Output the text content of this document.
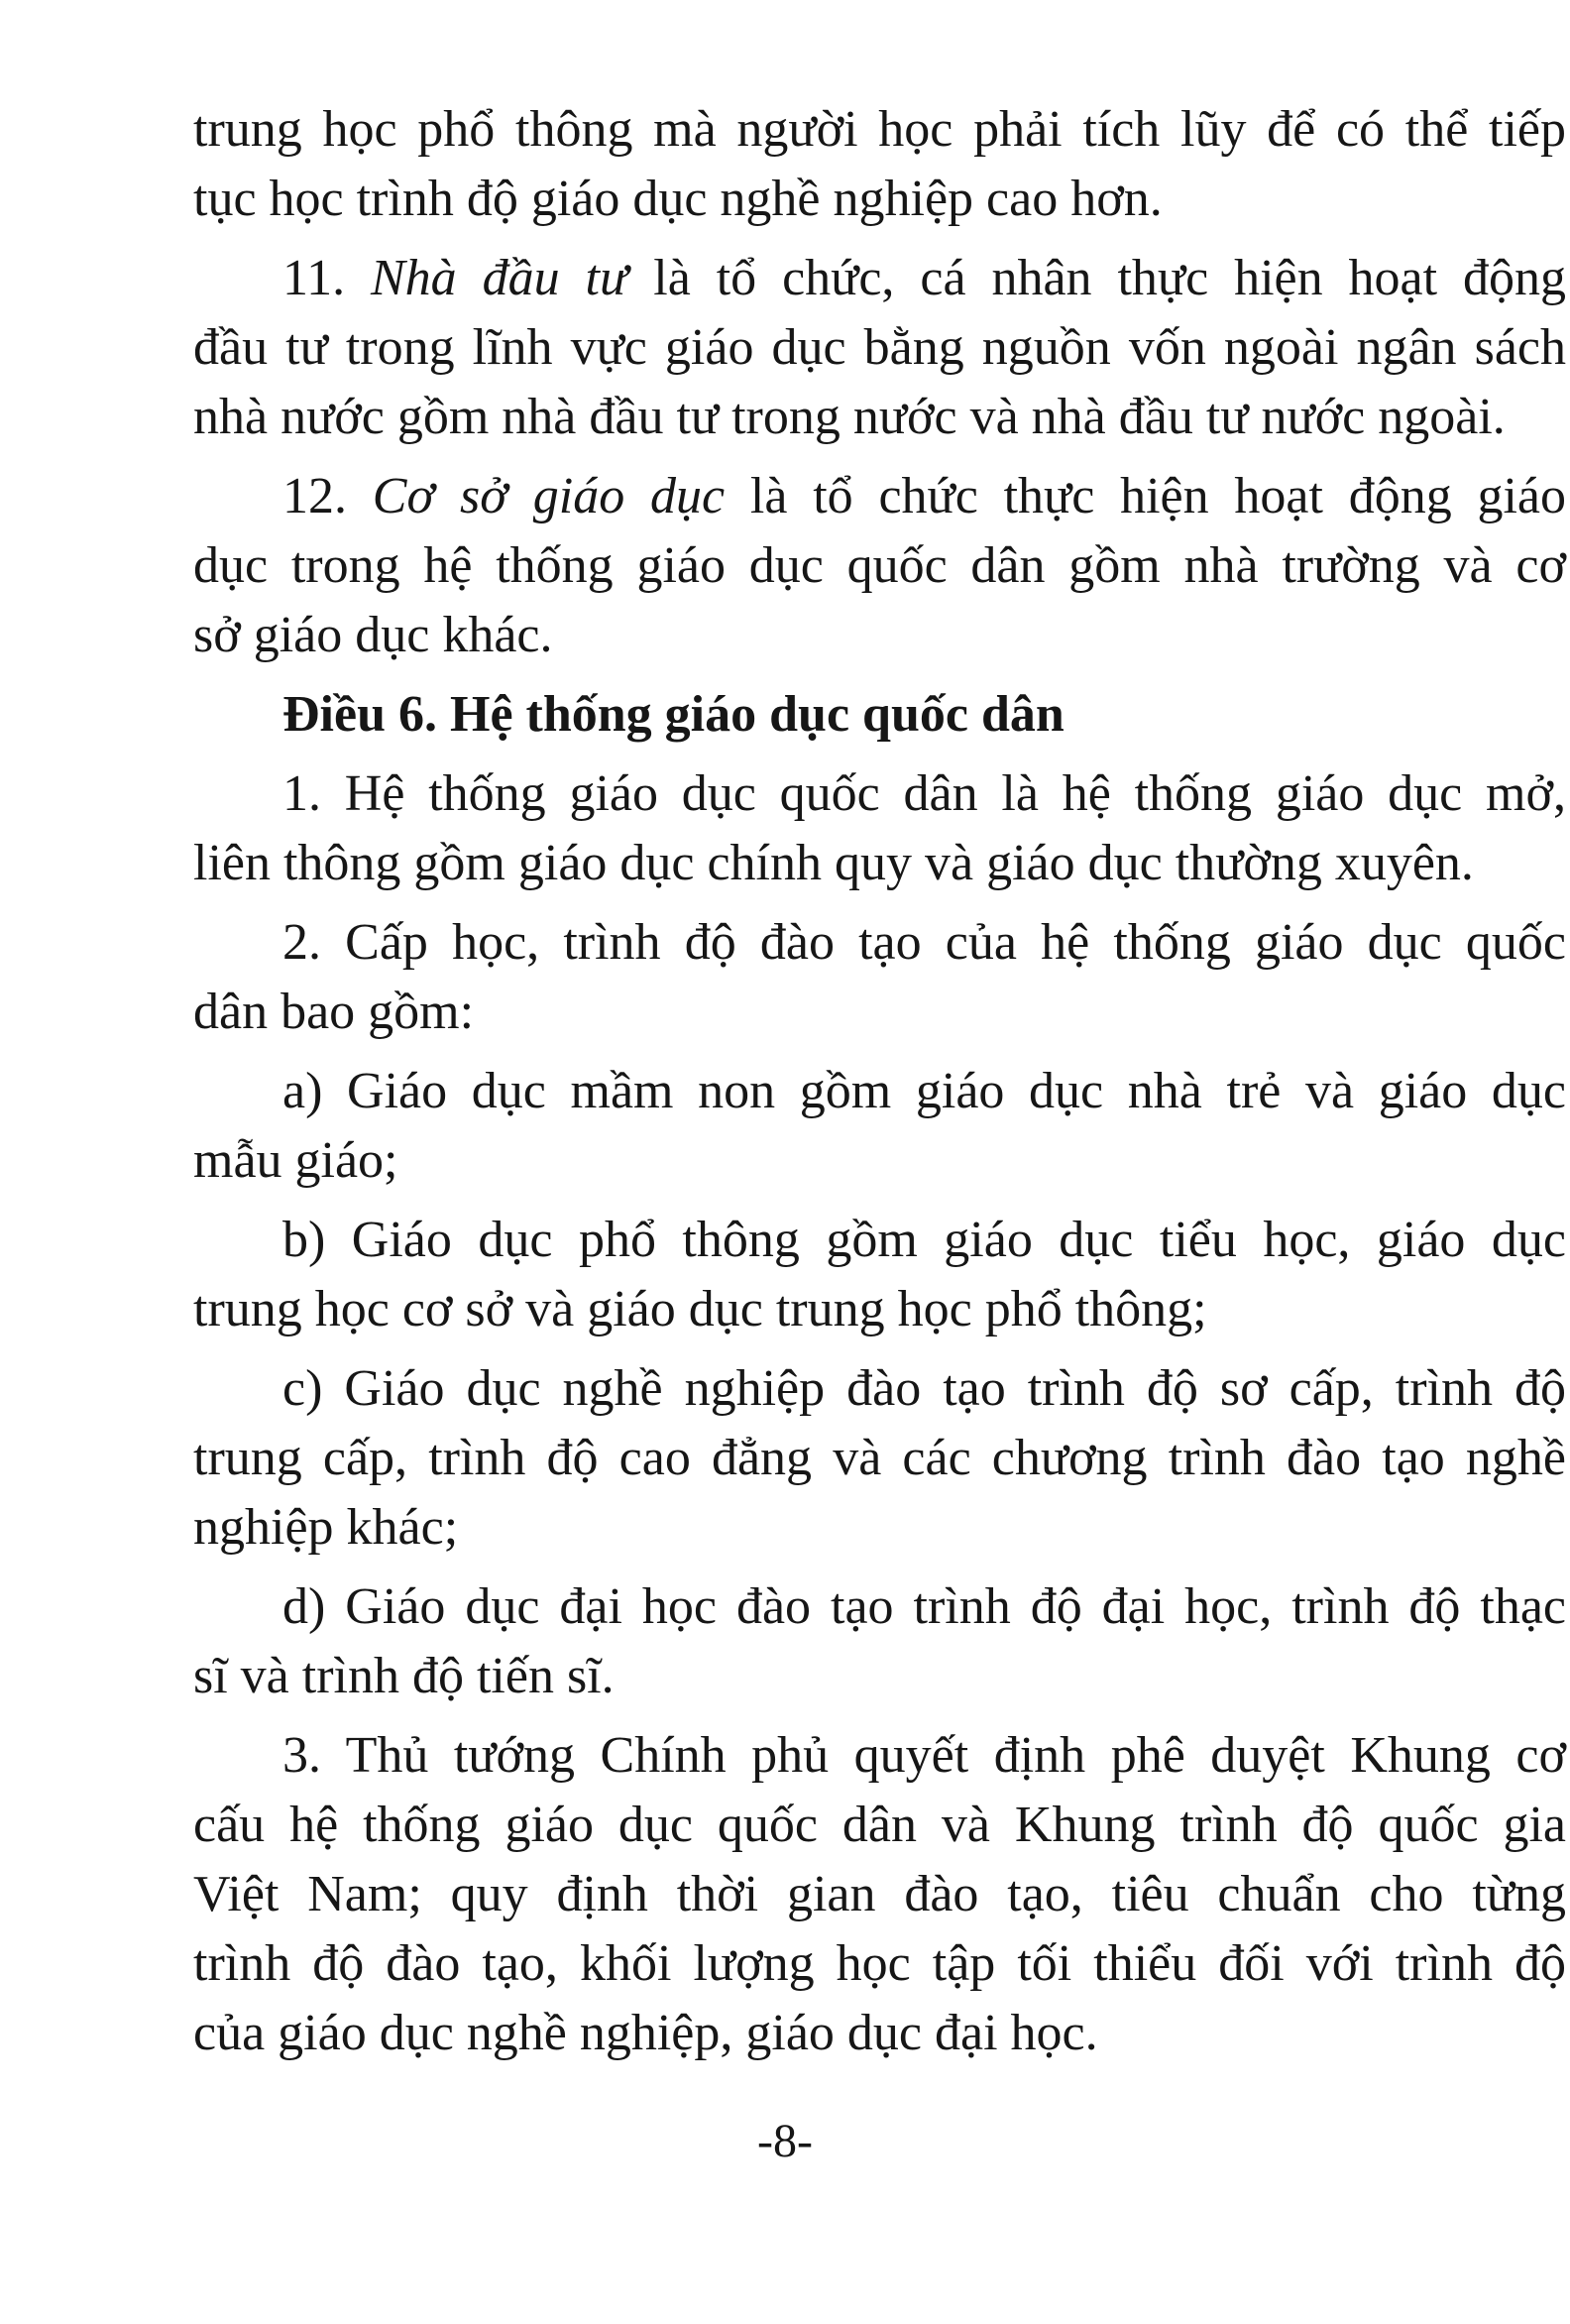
trung học phổ thông mà người học phải tích lũy để có thể tiếp
tục học trình độ giáo dục nghề nghiệp cao hơn.
11. Nhà đầu tư là tổ chức, cá nhân thực hiện hoạt động
đầu tư trong lĩnh vực giáo dục bằng nguồn vốn ngoài ngân sách
nhà nước gồm nhà đầu tư trong nước và nhà đầu tư nước ngoài.
12. Cơ sở giáo dục là tổ chức thực hiện hoạt động giáo
dục trong hệ thống giáo dục quốc dân gồm nhà trường và cơ
sở giáo dục khác.
Điều 6. Hệ thống giáo dục quốc dân
1. Hệ thống giáo dục quốc dân là hệ thống giáo dục mở,
liên thông gồm giáo dục chính quy và giáo dục thường xuyên.
2. Cấp học, trình độ đào tạo của hệ thống giáo dục quốc
dân bao gồm:
a) Giáo dục mầm non gồm giáo dục nhà trẻ và giáo dục
mẫu giáo;
b) Giáo dục phổ thông gồm giáo dục tiểu học, giáo dục
trung học cơ sở và giáo dục trung học phổ thông;
c) Giáo dục nghề nghiệp đào tạo trình độ sơ cấp, trình độ
trung cấp, trình độ cao đẳng và các chương trình đào tạo nghề
nghiệp khác;
d) Giáo dục đại học đào tạo trình độ đại học, trình độ thạc
sĩ và trình độ tiến sĩ.
3. Thủ tướng Chính phủ quyết định phê duyệt Khung cơ
cấu hệ thống giáo dục quốc dân và Khung trình độ quốc gia
Việt Nam; quy định thời gian đào tạo, tiêu chuẩn cho từng
trình độ đào tạo, khối lượng học tập tối thiểu đối với trình độ
của giáo dục nghề nghiệp, giáo dục đại học.
-8-
